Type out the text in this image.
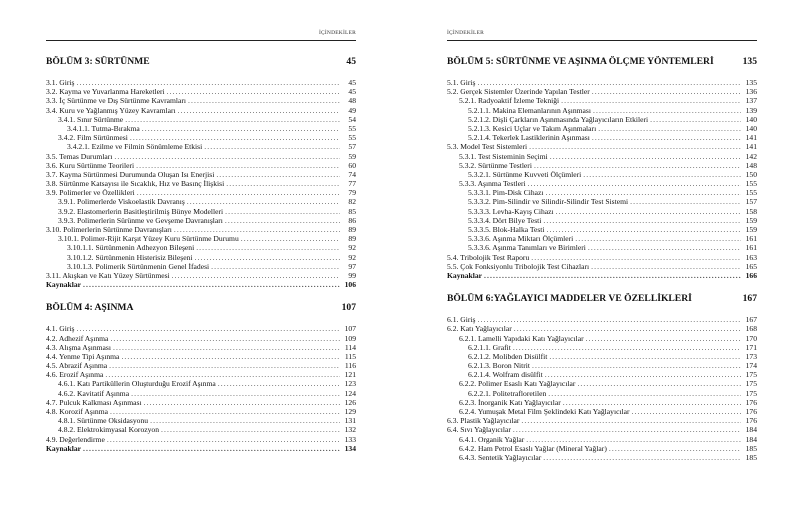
İÇİNDEKİLER
BÖLÜM 3: SÜRTÜNME	45
3.1. Giriş . . .	45
3.2. Kayma ve Yuvarlanma Hareketleri . . .	45
3.3. İç Sürtünme ve Dış Sürtünme Kavramları . . .	48
3.4. Kuru ve Yağlanmış Yüzey Kavramları . . .	49
3.4.1. Sınır Sürtünme . . .	54
3.4.1.1. Tutma-Bırakma . . .	55
3.4.2. Film Sürtünmesi . . .	55
3.4.2.1. Ezilme ve Filmin Sönümleme Etkisi . . .	57
3.5. Temas Durumları . . .	59
3.6. Kuru Sürtünme Teorileri . . .	60
3.7. Kayma Sürtünmesi Durumunda Oluşan Isı Enerjisi . . .	74
3.8. Sürtünme Katsayısı ile Sıcaklık, Hız ve Basınç İlişkisi . . .	77
3.9. Polimerler ve Özellikleri . . .	79
3.9.1. Polimerlerde Viskoelastik Davranış . . .	82
3.9.2. Elastomerlerin Basitleştirilmiş Bünye Modelleri . . .	85
3.9.3. Polimerlerin Sürünme ve Gevşeme Davranışları . . .	86
3.10. Polimerlerin Sürtünme Davranışları . . .	89
3.10.1. Polimer-Rijit Karşıt Yüzey Kuru Sürtünme Durumu . . .	89
3.10.1.1. Sürtünmenin Adhezyon Bileşeni . . .	92
3.10.1.2. Sürtünmenin Histerisiz Bileşeni . . .	92
3.10.1.3. Polimerik Sürtünmenin Genel İfadesi . . .	97
3.11. Akışkan ve Katı Yüzey Sürtünmesi . . .	99
Kaynaklar . . .	106
BÖLÜM 4: AŞINMA	107
4.1. Giriş . . .	107
4.2. Adhezif Aşınma . . .	109
4.3. Alışma Aşınması . . .	114
4.4. Yenme Tipi Aşınma . . .	115
4.5. Abrazif Aşınma . . .	116
4.6. Erozif Aşınma . . .	121
4.6.1. Katı Partiküllerin Oluşturduğu Erozif Aşınma . . .	123
4.6.2. Kavitatif Aşınma . . .	124
4.7. Pulcuk Kalkması Aşınması . . .	126
4.8. Korozif Aşınma . . .	129
4.8.1. Sürtünme Oksidasyonu . . .	131
4.8.2. Elektrokimyasal Korozyon . . .	132
4.9. Değerlendirme . . .	133
Kaynaklar . . .	134
İÇİNDEKİLER
BÖLÜM 5: SÜRTÜNME VE AŞINMA ÖLÇME YÖNTEMLERİ	135
5.1. Giriş . . .	135
5.2. Gerçek Sistemler Üzerinde Yapılan Testler . . .	136
5.2.1. Radyoaktif İzleme Tekniği . . .	137
5.2.1.1. Makina Elemanlarının Aşınması . . .	139
5.2.1.2. Dişli Çarkların Aşınmasında Yağlayıcıların Etkileri . . .	140
5.2.1.3. Kesici Uçlar ve Takım Aşınmaları . . .	140
5.2.1.4. Tekerlek Lastiklerinin Aşınması . . .	141
5.3. Model Test Sistemleri . . .	141
5.3.1. Test Sisteminin Seçimi . . .	142
5.3.2. Sürtünme Testleri . . .	148
5.3.2.1. Sürtünme Kuvveti Ölçümleri . . .	150
5.3.3. Aşınma Testleri . . .	155
5.3.3.1. Pim-Disk Cihazı . . .	155
5.3.3.2. Pim-Silindir ve Silindir-Silindir Test Sistemi . . .	157
5.3.3.3. Levha-Kayış Cihazı . . .	158
5.3.3.4. Dört Bilye Testi . . .	159
5.3.3.5. Blok-Halka Testi . . .	159
5.3.3.6. Aşınma Miktarı Ölçümleri . . .	161
5.3.3.6. Aşınma Tanımları ve Birimleri . . .	161
5.4. Tribolojik Test Raporu . . .	163
5.5. Çok Fonksiyonlu Tribolojik Test Cihazları . . .	165
Kaynaklar . . .	166
BÖLÜM 6:YAĞLAYICI MADDELER VE ÖZELLİKLERİ	167
6.1. Giriş . . .	167
6.2. Katı Yağlayıcılar . . .	168
6.2.1. Lamelli Yapıdaki Katı Yağlayıcılar . . .	170
6.2.1.1. Grafit . . .	171
6.2.1.2. Molibden Disülfit . . .	173
6.2.1.3. Boron Nitrit . . .	174
6.2.1.4. Wolfram disülfit . . .	175
6.2.2. Polimer Esaslı Katı Yağlayıcılar . . .	175
6.2.2.1. Politetrafloretilen . . .	175
6.2.3. İnorganik Katı Yağlayıcılar . . .	176
6.2.4. Yumuşak Metal Film Şeklindeki Katı Yağlayıcılar . . .	176
6.3. Plastik Yağlayıcılar . . .	176
6.4. Sıvı Yağlayıcılar . . .	184
6.4.1. Organik Yağlar . . .	184
6.4.2. Ham Petrol Esaslı Yağlar (Mineral Yağlar) . . .	185
6.4.3. Sentetik Yağlayıcılar . . .	185
